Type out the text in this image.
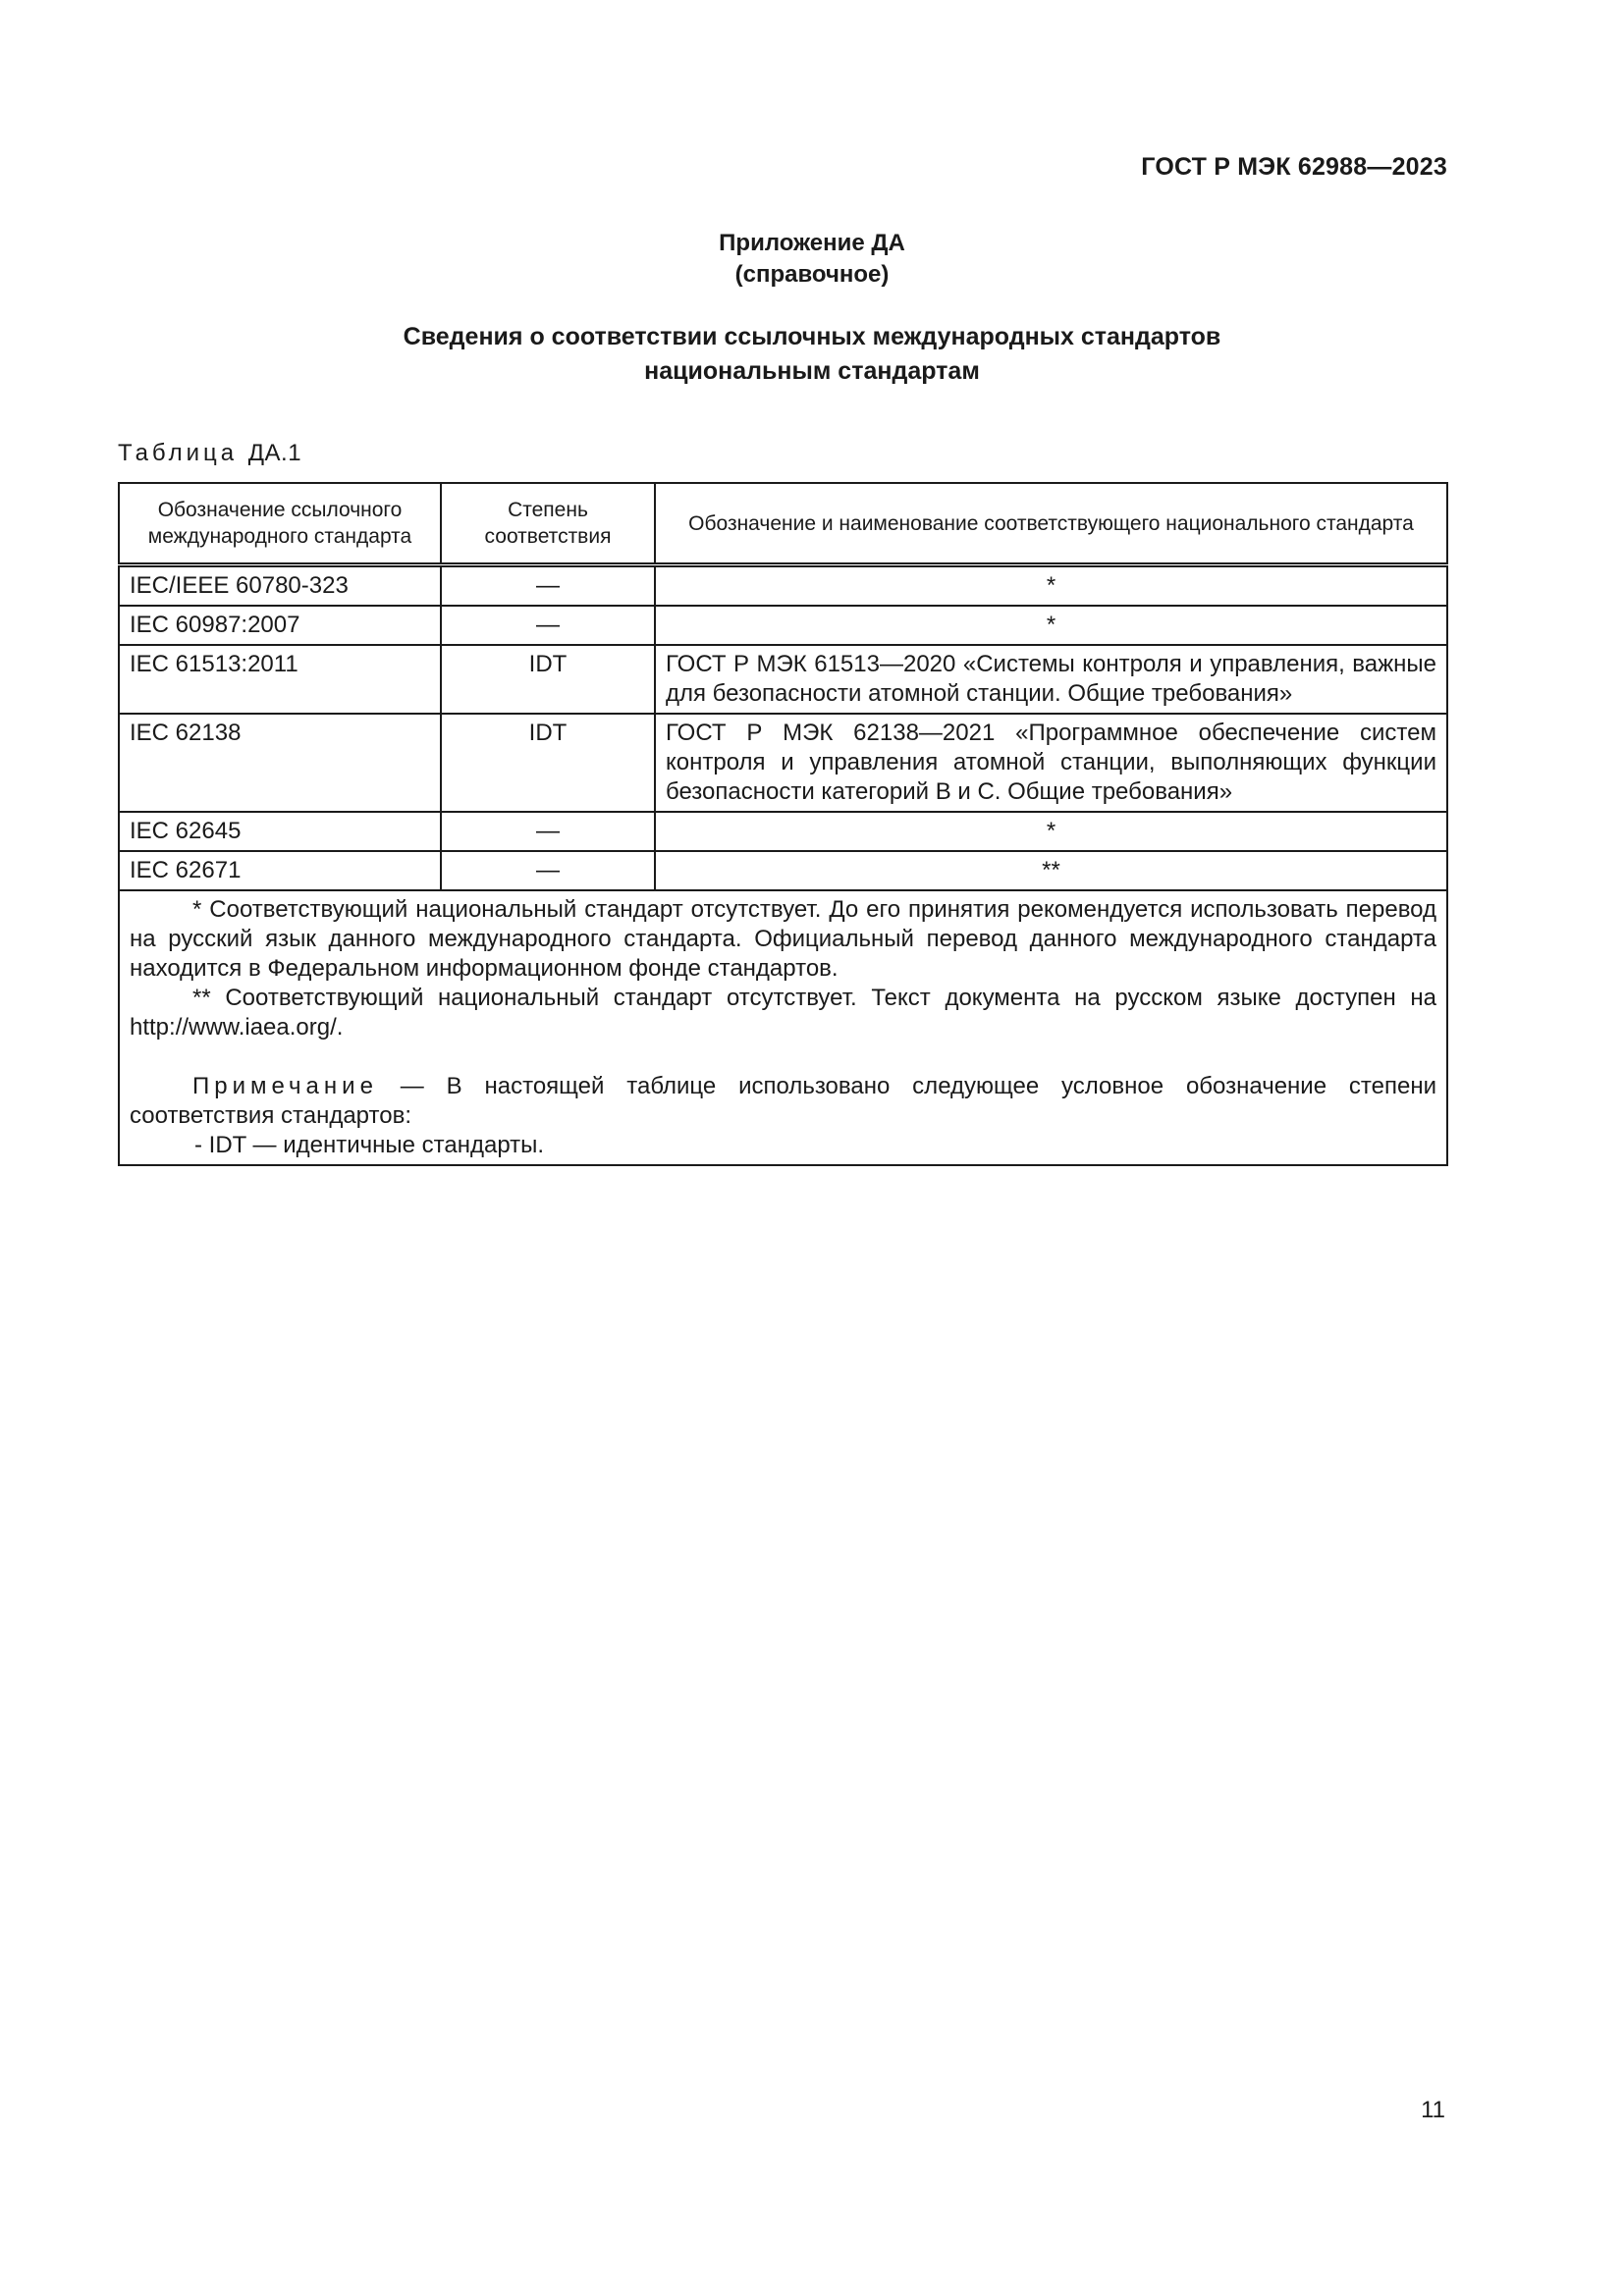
ГОСТ Р МЭК 62988—2023
Приложение ДА
(справочное)
Сведения о соответствии ссылочных международных стандартов
национальным стандартам
Таблица ДА.1
Обозначение ссылочного международного стандарта	Степень соответствия	Обозначение и наименование соответствующего национального стандарта
IEC/IEEE 60780-323	—	*
IEC 60987:2007	—	*
IEC 61513:2011	IDT	ГОСТ Р МЭК 61513—2020 «Системы контроля и управления, важные для безопасности атомной станции. Общие требования»
IEC 62138	IDT	ГОСТ Р МЭК 62138—2021 «Программное обеспечение систем контроля и управления атомной станции, выполняющих функции безопасности категорий В и С. Общие требования»
IEC 62645	—	*
IEC 62671	—	**

* Соответствующий национальный стандарт отсутствует. До его принятия рекомендуется использовать перевод на русский язык данного международного стандарта. Официальный перевод данного международного стандарта находится в Федеральном информационном фонде стандартов.

** Соответствующий национальный стандарт отсутствует. Текст документа на русском языке доступен на http://www.iaea.org/.

Примечание — В настоящей таблице использовано следующее условное обозначение степени соответствия стандартов:

- IDT — идентичные стандарты.		

11
